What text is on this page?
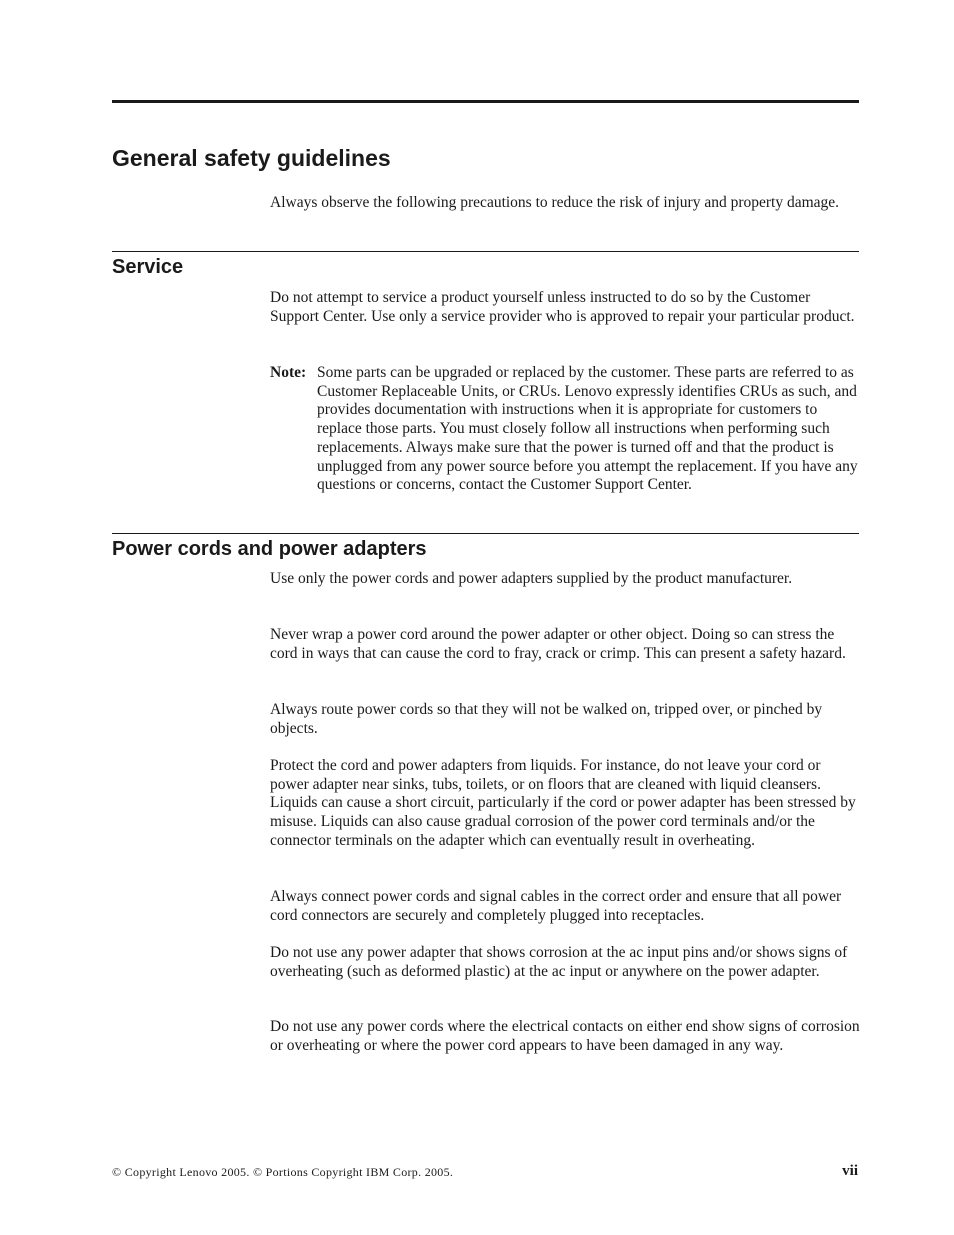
General safety guidelines

Always observe the following precautions to reduce the risk of injury and property damage.

Service

Do not attempt to service a product yourself unless instructed to do so by the Customer Support Center. Use only a service provider who is approved to repair your particular product.

Note: Some parts can be upgraded or replaced by the customer. These parts are referred to as Customer Replaceable Units, or CRUs. Lenovo expressly identifies CRUs as such, and provides documentation with instructions when it is appropriate for customers to replace those parts. You must closely follow all instructions when performing such replacements. Always make sure that the power is turned off and that the product is unplugged from any power source before you attempt the replacement. If you have any questions or concerns, contact the Customer Support Center.
Power cords and power adapters

Use only the power cords and power adapters supplied by the product manufacturer.

Never wrap a power cord around the power adapter or other object. Doing so can stress the cord in ways that can cause the cord to fray, crack or crimp. This can present a safety hazard.

Always route power cords so that they will not be walked on, tripped over, or pinched by objects.

Protect the cord and power adapters from liquids. For instance, do not leave your cord or power adapter near sinks, tubs, toilets, or on floors that are cleaned with liquid cleansers. Liquids can cause a short circuit, particularly if the cord or power adapter has been stressed by misuse. Liquids can also cause gradual corrosion of the power cord terminals and/or the connector terminals on the adapter which can eventually result in overheating.

Always connect power cords and signal cables in the correct order and ensure that all power cord connectors are securely and completely plugged into receptacles.

Do not use any power adapter that shows corrosion at the ac input pins and/or shows signs of overheating (such as deformed plastic) at the ac input or anywhere on the power adapter.

Do not use any power cords where the electrical contacts on either end show signs of corrosion or overheating or where the power cord appears to have been damaged in any way.

© Copyright Lenovo 2005. © Portions Copyright IBM Corp. 2005.	vii
